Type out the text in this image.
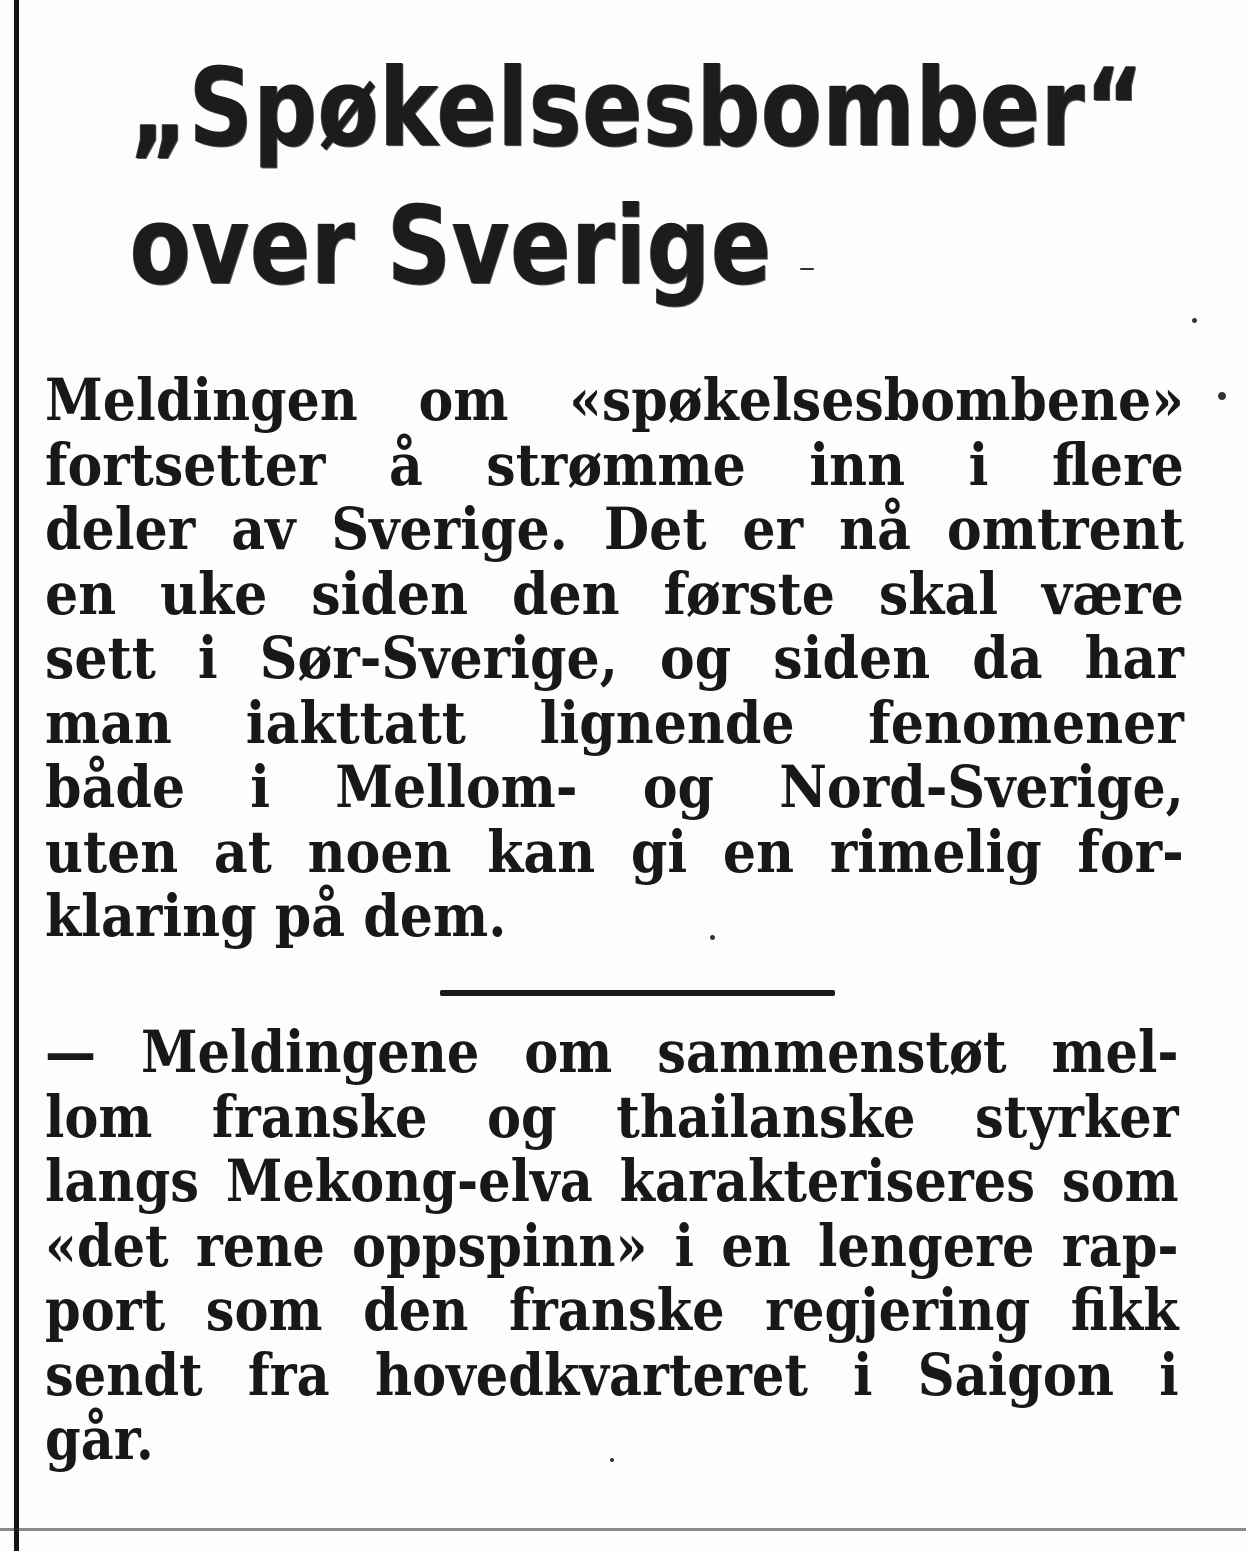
„Spøkelsesbomber“
over Sverige

Meldingen om «spøkelsesbombene»
fortsetter å strømme inn i flere
deler av Sverige. Det er nå omtrent
en uke siden den første skal være
sett i Sør-Sverige, og siden da har
man iakttatt lignende fenomener
både i Mellom- og Nord-Sverige,
uten at noen kan gi en rimelig for-
klaring på dem.

— Meldingene om sammenstøt mel-
lom franske og thailanske styrker
langs Mekong-elva karakteriseres som
«det rene oppspinn» i en lengere rap-
port som den franske regjering fikk
sendt fra hovedkvarteret i Saigon i
går.
